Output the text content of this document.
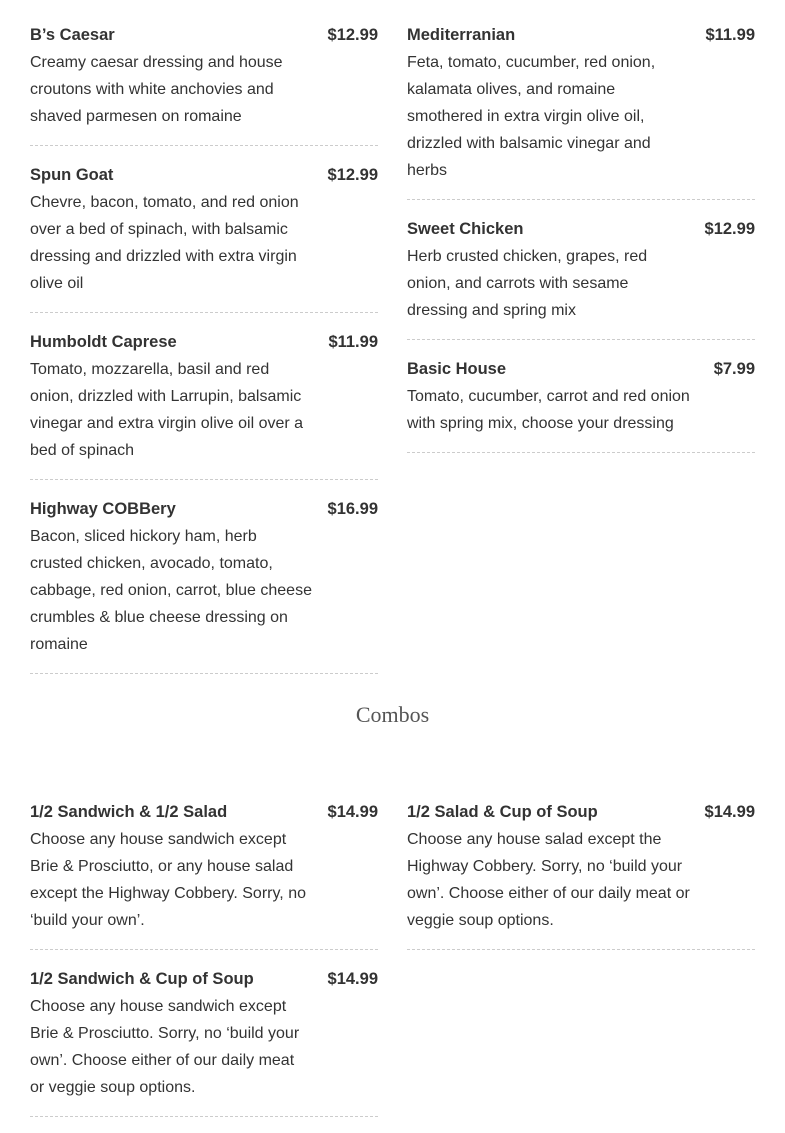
B’s Caesar	$12.99
Creamy caesar dressing and house croutons with white anchovies and shaved parmesen on romaine
Spun Goat	$12.99
Chevre, bacon, tomato, and red onion over a bed of spinach, with balsamic dressing and drizzled with extra virgin olive oil
Humboldt Caprese	$11.99
Tomato, mozzarella, basil and red onion, drizzled with Larrupin, balsamic vinegar and extra virgin olive oil over a bed of spinach
Highway COBBery	$16.99
Bacon, sliced hickory ham, herb crusted chicken, avocado, tomato, cabbage, red onion, carrot, blue cheese crumbles & blue cheese dressing on romaine
Mediterranian	$11.99
Feta, tomato, cucumber, red onion, kalamata olives, and romaine smothered in extra virgin olive oil, drizzled with balsamic vinegar and herbs
Sweet Chicken	$12.99
Herb crusted chicken, grapes, red onion, and carrots with sesame dressing and spring mix
Basic House	$7.99
Tomato, cucumber, carrot and red onion with spring mix, choose your dressing
Combos
1/2 Sandwich & 1/2 Salad	$14.99
Choose any house sandwich except Brie & Prosciutto, or any house salad except the Highway Cobbery. Sorry, no ‘build your own’.
1/2 Sandwich & Cup of Soup	$14.99
Choose any house sandwich except Brie & Prosciutto. Sorry, no ‘build your own’. Choose either of our daily meat or veggie soup options.
1/2 Salad & Cup of Soup	$14.99
Choose any house salad except the Highway Cobbery. Sorry, no ‘build your own’. Choose either of our daily meat or veggie soup options.
